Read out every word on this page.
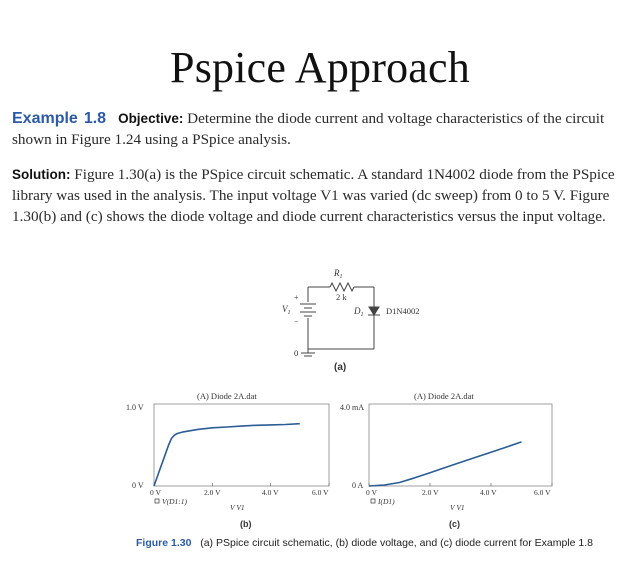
Pspice Approach
Example 1.8 Objective: Determine the diode current and voltage characteristics of the circuit shown in Figure 1.24 using a PSpice analysis.
Solution: Figure 1.30(a) is the PSpice circuit schematic. A standard 1N4002 diode from the PSpice library was used in the analysis. The input voltage V1 was varied (dc sweep) from 0 to 5 V. Figure 1.30(b) and (c) shows the diode voltage and diode current characteristics versus the input voltage.
$R_1$
2 k
$V_1$
+
−
$D_1$	D1N4002
0
(a)
(A) Diode 2A.dat
1.0 V
0 V
0 V	2.0 V	4.0 V	6.0 V
V(D1:1)
V V1
(b)
(A) Diode 2A.dat
4.0 mA
0 A
0 V	2.0 V	4.0 V	6.0 V
I(D1)
V V1
(c)
Figure 1.30 (a) PSpice circuit schematic, (b) diode voltage, and (c) diode current for Example 1.8
